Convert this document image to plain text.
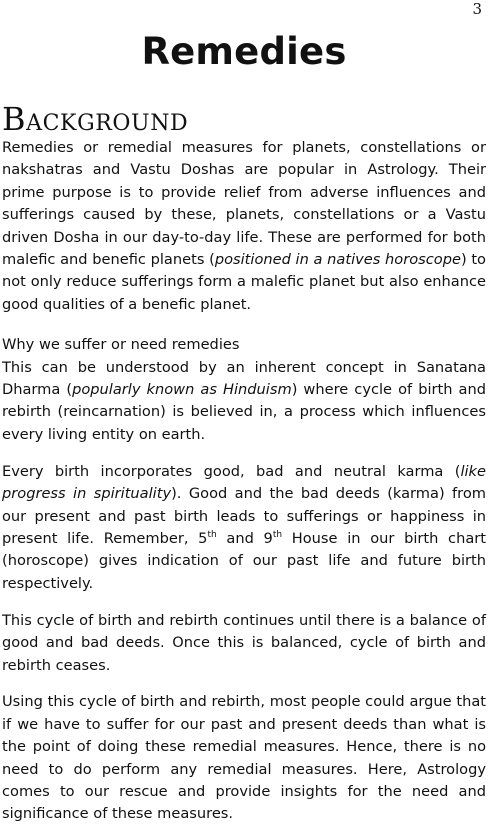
3
Remedies
BACKGROUND

Remedies or remedial measures for planets, constellations or nakshatras and Vastu Doshas are popular in Astrology. Their prime purpose is to provide relief from adverse influences and sufferings caused by these, planets, constellations or a Vastu driven Dosha in our day-to-day life. These are performed for both malefic and benefic planets (positioned in a natives horoscope) to not only reduce sufferings form a malefic planet but also enhance good qualities of a benefic planet.

Why we suffer or need remedies

This can be understood by an inherent concept in Sanatana Dharma (popularly known as Hinduism) where cycle of birth and rebirth (reincarnation) is believed in, a process which influences every living entity on earth.

Every birth incorporates good, bad and neutral karma (like progress in spirituality). Good and the bad deeds (karma) from our present and past birth leads to sufferings or happiness in present life. Remember, 5th and 9th House in our birth chart (horoscope) gives indication of our past life and future birth respectively.

This cycle of birth and rebirth continues until there is a balance of good and bad deeds. Once this is balanced, cycle of birth and rebirth ceases.

Using this cycle of birth and rebirth, most people could argue that if we have to suffer for our past and present deeds than what is the point of doing these remedial measures. Hence, there is no need to do perform any remedial measures. Here, Astrology comes to our rescue and provide insights for the need and significance of these measures.
